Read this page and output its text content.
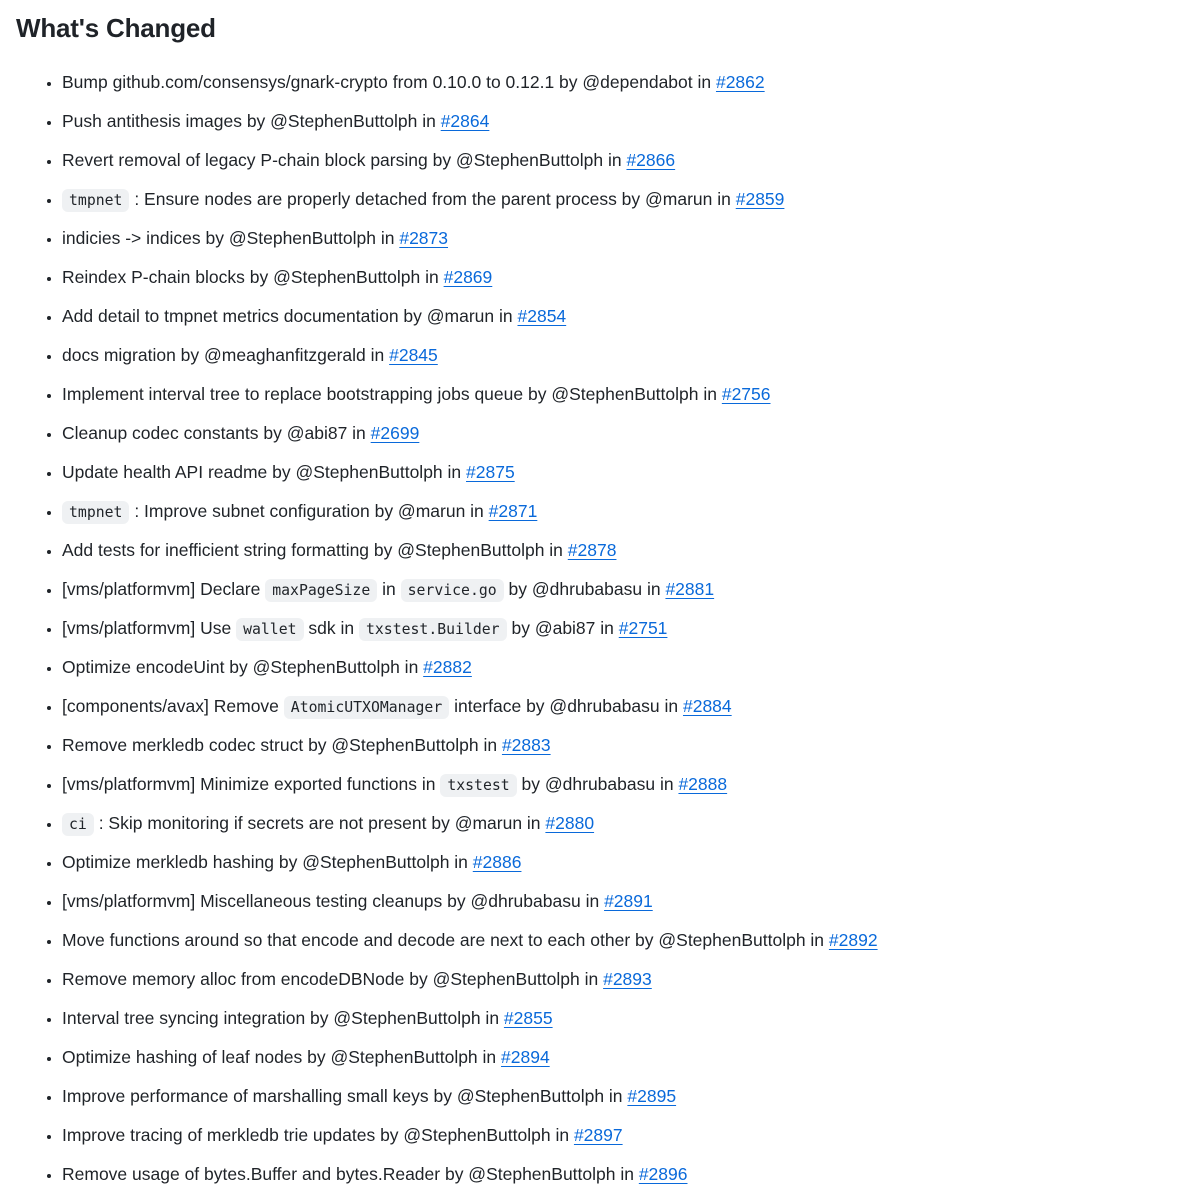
What's Changed
• Bump github.com/consensys/gnark-crypto from 0.10.0 to 0.12.1 by @dependabot in #2862
• Push antithesis images by @StephenButtolph in #2864
• Revert removal of legacy P-chain block parsing by @StephenButtolph in #2866
• tmpnet : Ensure nodes are properly detached from the parent process by @marun in #2859
• indicies -> indices by @StephenButtolph in #2873
• Reindex P-chain blocks by @StephenButtolph in #2869
• Add detail to tmpnet metrics documentation by @marun in #2854
• docs migration by @meaghanfitzgerald in #2845
• Implement interval tree to replace bootstrapping jobs queue by @StephenButtolph in #2756
• Cleanup codec constants by @abi87 in #2699
• Update health API readme by @StephenButtolph in #2875
• tmpnet : Improve subnet configuration by @marun in #2871
• Add tests for inefficient string formatting by @StephenButtolph in #2878
• [vms/platformvm] Declare maxPageSize in service.go by @dhrubabasu in #2881
• [vms/platformvm] Use wallet sdk in txstest.Builder by @abi87 in #2751
• Optimize encodeUint by @StephenButtolph in #2882
• [components/avax] Remove AtomicUTXOManager interface by @dhrubabasu in #2884
• Remove merkledb codec struct by @StephenButtolph in #2883
• [vms/platformvm] Minimize exported functions in txstest by @dhrubabasu in #2888
• ci : Skip monitoring if secrets are not present by @marun in #2880
• Optimize merkledb hashing by @StephenButtolph in #2886
• [vms/platformvm] Miscellaneous testing cleanups by @dhrubabasu in #2891
• Move functions around so that encode and decode are next to each other by @StephenButtolph in #2892
• Remove memory alloc from encodeDBNode by @StephenButtolph in #2893
• Interval tree syncing integration by @StephenButtolph in #2855
• Optimize hashing of leaf nodes by @StephenButtolph in #2894
• Improve performance of marshalling small keys by @StephenButtolph in #2895
• Improve tracing of merkledb trie updates by @StephenButtolph in #2897
• Remove usage of bytes.Buffer and bytes.Reader by @StephenButtolph in #2896
